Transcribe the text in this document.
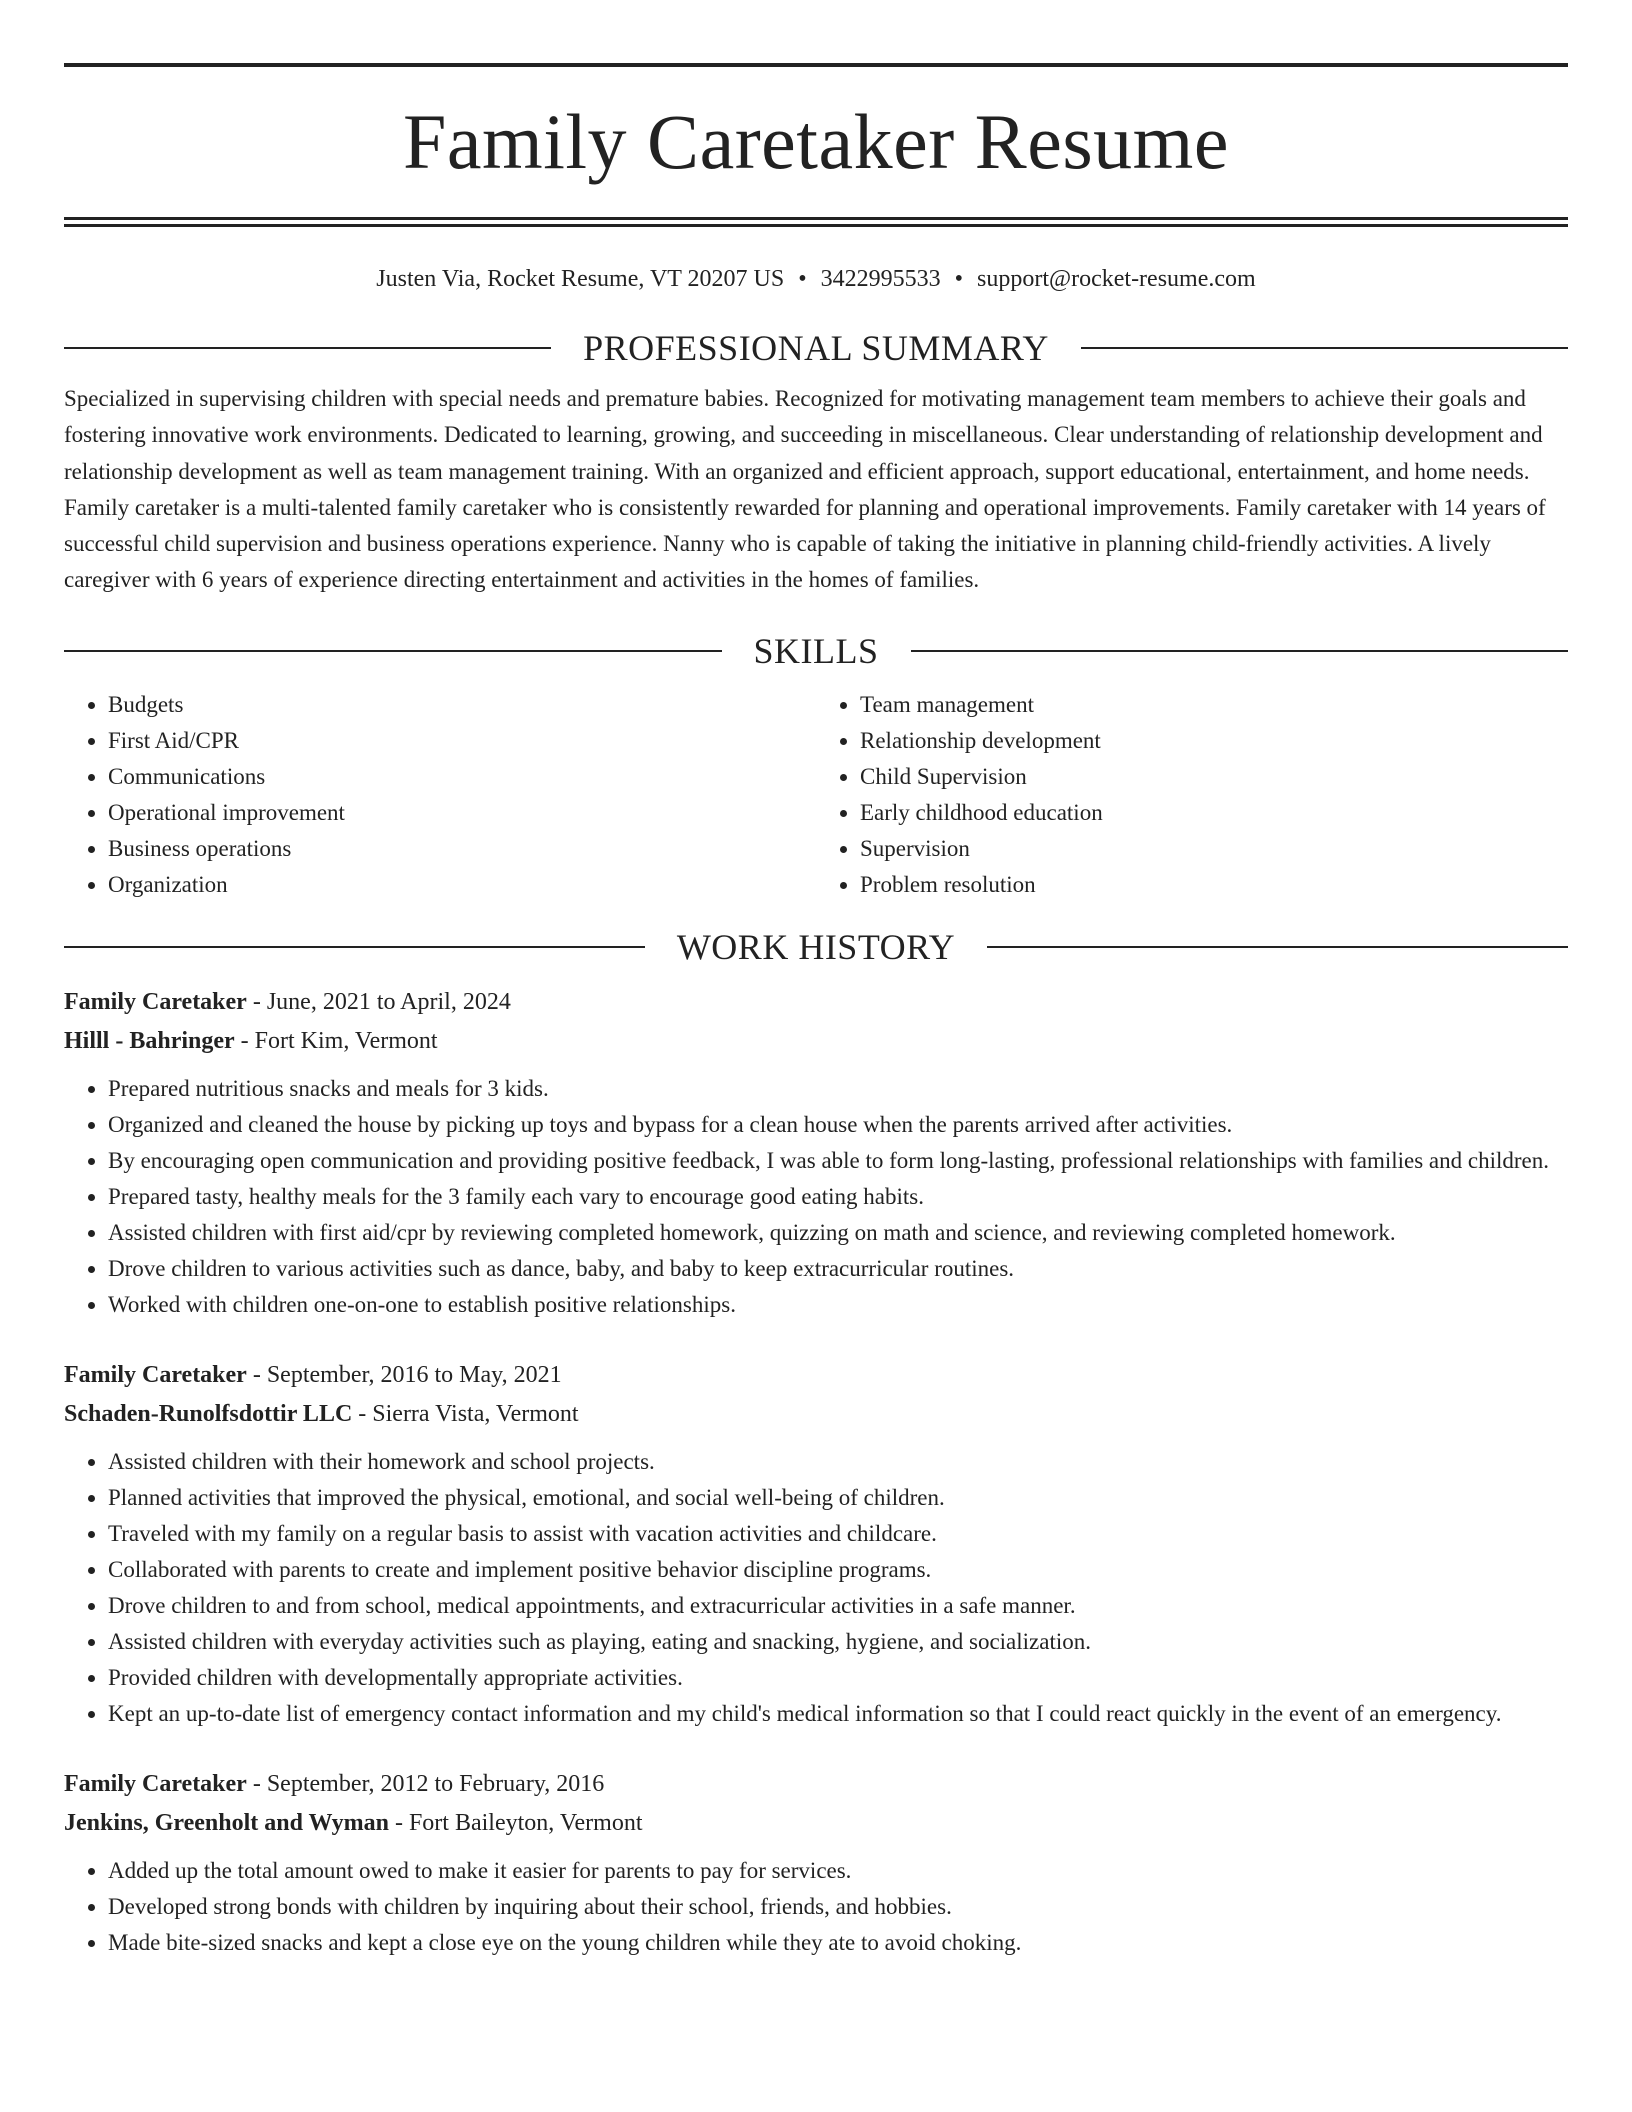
Family Caretaker Resume
Justen Via, Rocket Resume, VT 20207 US • 3422995533 • support@rocket-resume.com
PROFESSIONAL SUMMARY

Specialized in supervising children with special needs and premature babies. Recognized for motivating management team members to achieve their goals and fostering innovative work environments. Dedicated to learning, growing, and succeeding in miscellaneous. Clear understanding of relationship development and relationship development as well as team management training. With an organized and efficient approach, support educational, entertainment, and home needs. Family caretaker is a multi-talented family caretaker who is consistently rewarded for planning and operational improvements. Family caretaker with 14 years of successful child supervision and business operations experience. Nanny who is capable of taking the initiative in planning child-friendly activities. A lively caregiver with 6 years of experience directing entertainment and activities in the homes of families.

SKILLS
• Budgets
• First Aid/CPR
• Communications
• Operational improvement
• Business operations
• Organization
• Team management
• Relationship development
• Child Supervision
• Early childhood education
• Supervision
• Problem resolution
WORK HISTORY
Family Caretaker - June, 2021 to April, 2024
Hilll - Bahringer - Fort Kim, Vermont
• Prepared nutritious snacks and meals for 3 kids.
• Organized and cleaned the house by picking up toys and bypass for a clean house when the parents arrived after activities.
• By encouraging open communication and providing positive feedback, I was able to form long-lasting, professional relationships with families and children.
• Prepared tasty, healthy meals for the 3 family each vary to encourage good eating habits.
• Assisted children with first aid/cpr by reviewing completed homework, quizzing on math and science, and reviewing completed homework.
• Drove children to various activities such as dance, baby, and baby to keep extracurricular routines.
• Worked with children one-on-one to establish positive relationships.
Family Caretaker - September, 2016 to May, 2021
Schaden-Runolfsdottir LLC - Sierra Vista, Vermont
• Assisted children with their homework and school projects.
• Planned activities that improved the physical, emotional, and social well-being of children.
• Traveled with my family on a regular basis to assist with vacation activities and childcare.
• Collaborated with parents to create and implement positive behavior discipline programs.
• Drove children to and from school, medical appointments, and extracurricular activities in a safe manner.
• Assisted children with everyday activities such as playing, eating and snacking, hygiene, and socialization.
• Provided children with developmentally appropriate activities.
• Kept an up-to-date list of emergency contact information and my child's medical information so that I could react quickly in the event of an emergency.
Family Caretaker - September, 2012 to February, 2016
Jenkins, Greenholt and Wyman - Fort Baileyton, Vermont
• Added up the total amount owed to make it easier for parents to pay for services.
• Developed strong bonds with children by inquiring about their school, friends, and hobbies.
• Made bite-sized snacks and kept a close eye on the young children while they ate to avoid choking.
